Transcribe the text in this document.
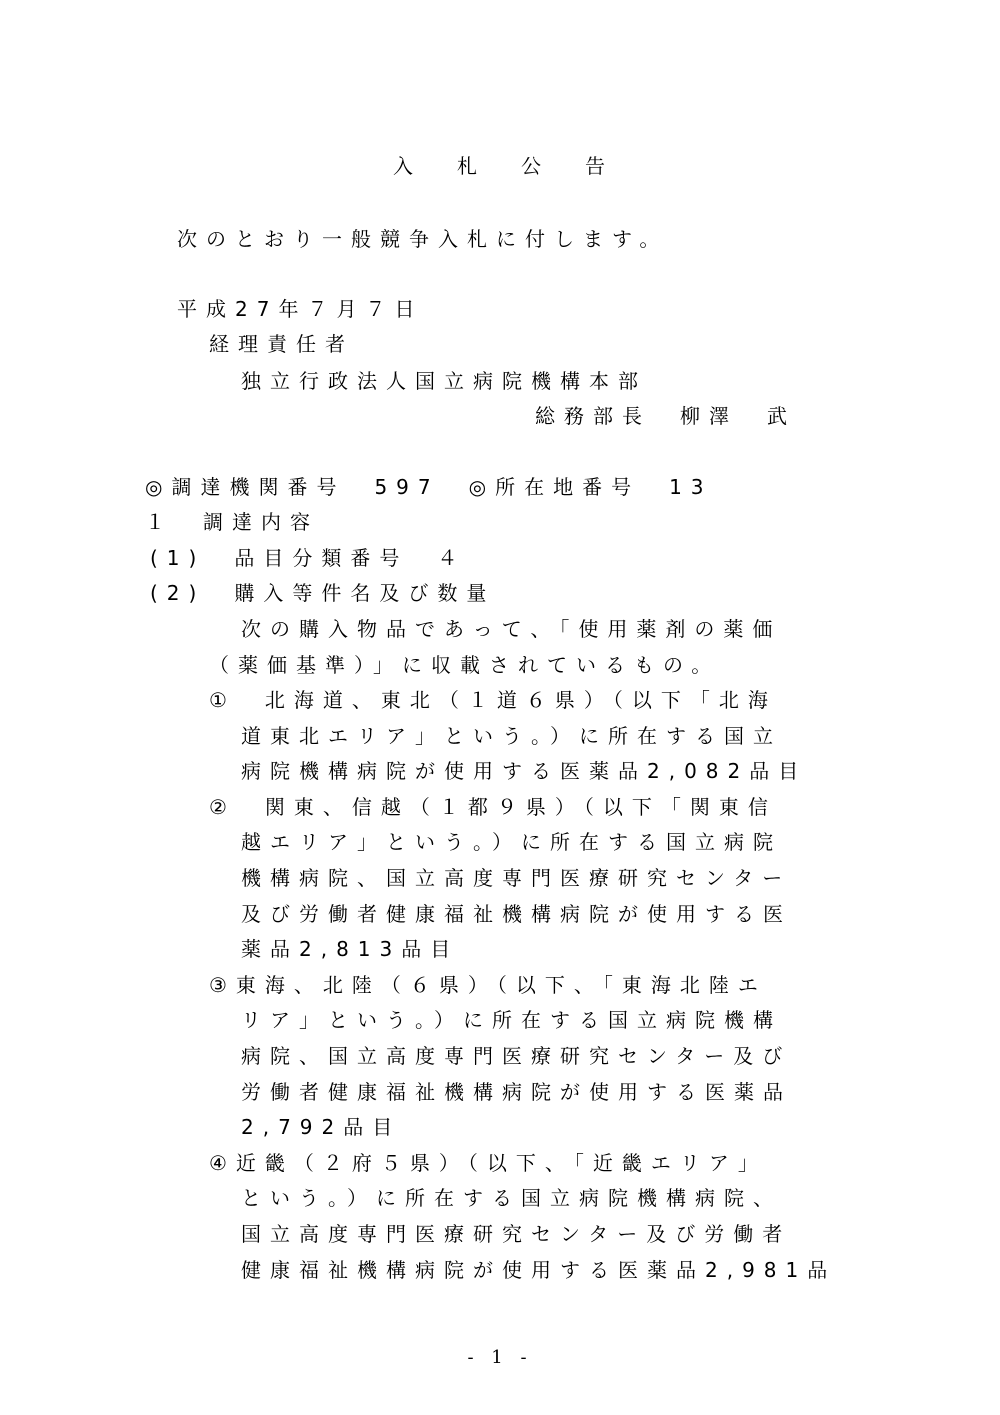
入札公告
次のとおり一般競争入札に付します。
平成27年７月７日
経理責任者
独立行政法人国立病院機構本部
総務部長　柳澤　武
◎調達機関番号　597　◎所在地番号　13
１　調達内容
(1)　品目分類番号　４
(2)　購入等件名及び数量
次の購入物品であって、「使用薬剤の薬価
（薬価基準）」に収載されているもの。
①　北海道、東北（１道６県）（以下「北海
道東北エリア」という。）に所在する国立
病院機構病院が使用する医薬品2,082品目
②　関東、信越（１都９県）（以下「関東信
越エリア」という。）に所在する国立病院
機構病院、国立高度専門医療研究センター
及び労働者健康福祉機構病院が使用する医
薬品2,813品目
③東海、北陸（６県）（以下、「東海北陸エ
リア」という。）に所在する国立病院機構
病院、国立高度専門医療研究センター及び
労働者健康福祉機構病院が使用する医薬品
2,792品目
④近畿（２府５県）（以下、「近畿エリア」
という。）に所在する国立病院機構病院、
国立高度専門医療研究センター及び労働者
健康福祉機構病院が使用する医薬品2,981品
- 1 -
